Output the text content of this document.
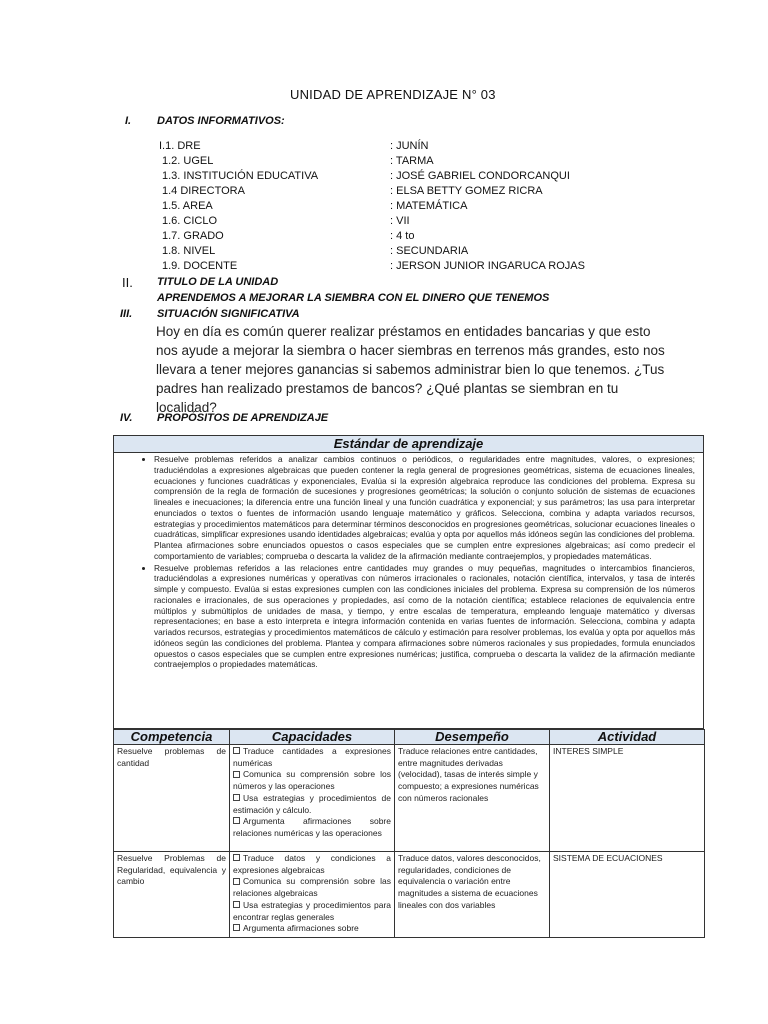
UNIDAD DE APRENDIZAJE N° 03
I. DATOS INFORMATIVOS:
I.1. DRE	: JUNÍN
1.2. UGEL	: TARMA
1.3. INSTITUCIÓN EDUCATIVA	: JOSÉ GABRIEL CONDORCANQUI
1.4 DIRECTORA	: ELSA BETTY GOMEZ RICRA
1.5. AREA	: MATEMÁTICA
1.6. CICLO	: VII
1.7. GRADO	: 4 to
1.8. NIVEL	: SECUNDARIA
1.9. DOCENTE	: JERSON JUNIOR INGARUCA ROJAS
II. TITULO DE LA UNIDAD
APRENDEMOS A MEJORAR LA SIEMBRA CON EL DINERO QUE TENEMOS
III. SITUACIÓN SIGNIFICATIVA
Hoy en día es común querer realizar préstamos en entidades bancarias y que esto nos ayude a mejorar la siembra o hacer siembras en terrenos más grandes, esto nos llevara a tener mejores ganancias si sabemos administrar bien lo que tenemos. ¿Tus padres han realizado prestamos de bancos? ¿Qué plantas se siembran en tu localidad?
IV. PROPÓSITOS DE APRENDIZAJE
Estándar de aprendizaje
• Resuelve problemas referidos a analizar cambios continuos o periódicos, o regularidades entre magnitudes, valores, o expresiones; traduciéndolas a expresiones algebraicas que pueden contener la regla general de progresiones geométricas, sistema de ecuaciones lineales, ecuaciones y funciones cuadráticas y exponenciales, Evalúa si la expresión algebraica reproduce las condiciones del problema. Expresa su comprensión de la regla de formación de sucesiones y progresiones geométricas; la solución o conjunto solución de sistemas de ecuaciones lineales e inecuaciones; la diferencia entre una función lineal y una función cuadrática y exponencial; y sus parámetros; las usa para interpretar enunciados o textos o fuentes de información usando lenguaje matemático y gráficos. Selecciona, combina y adapta variados recursos, estrategias y procedimientos matemáticos para determinar términos desconocidos en progresiones geométricas, solucionar ecuaciones lineales o cuadráticas, simplificar expresiones usando identidades algebraicas; evalúa y opta por aquellos más idóneos según las condiciones del problema. Plantea afirmaciones sobre enunciados opuestos o casos especiales que se cumplen entre expresiones algebraicas; así como predecir el comportamiento de variables; comprueba o descarta la validez de la afirmación mediante contraejemplos, y propiedades matemáticas.
• Resuelve problemas referidos a las relaciones entre cantidades muy grandes o muy pequeñas, magnitudes o intercambios financieros, traduciéndolas a expresiones numéricas y operativas con números irracionales o racionales, notación científica, intervalos, y tasa de interés simple y compuesto. Evalúa si estas expresiones cumplen con las condiciones iniciales del problema. Expresa su comprensión de los números racionales e irracionales, de sus operaciones y propiedades, así como de la notación científica; establece relaciones de equivalencia entre múltiplos y submúltiplos de unidades de masa, y tiempo, y entre escalas de temperatura, empleando lenguaje matemático y diversas representaciones; en base a esto interpreta e integra información contenida en varias fuentes de información. Selecciona, combina y adapta variados recursos, estrategias y procedimientos matemáticos de cálculo y estimación para resolver problemas, los evalúa y opta por aquellos más idóneos según las condiciones del problema. Plantea y compara afirmaciones sobre números racionales y sus propiedades, formula enunciados opuestos o casos especiales que se cumplen entre expresiones numéricas; justifica, comprueba o descarta la validez de la afirmación mediante contraejemplos o propiedades matemáticas.
Competencia	Capacidades	Desempeño	Actividad
Resuelve problemas de cantidad	Traduce cantidades a expresiones numéricas
Comunica su comprensión sobre los números y las operaciones
Usa estrategias y procedimientos de estimación y cálculo.
Argumenta afirmaciones sobre relaciones numéricas y las operaciones	Traduce relaciones entre cantidades, entre magnitudes derivadas (velocidad), tasas de interés simple y compuesto; a expresiones numéricas con números racionales	INTERES SIMPLE
Resuelve Problemas de Regularidad, equivalencia y cambio	Traduce datos y condiciones a expresiones algebraicas
Comunica su comprensión sobre las relaciones algebraicas
Usa estrategias y procedimientos para encontrar reglas generales
Argumenta afirmaciones sobre	Traduce datos, valores desconocidos, regularidades, condiciones de equivalencia o variación entre magnitudes a sistema de ecuaciones lineales con dos variables	SISTEMA DE ECUACIONES
